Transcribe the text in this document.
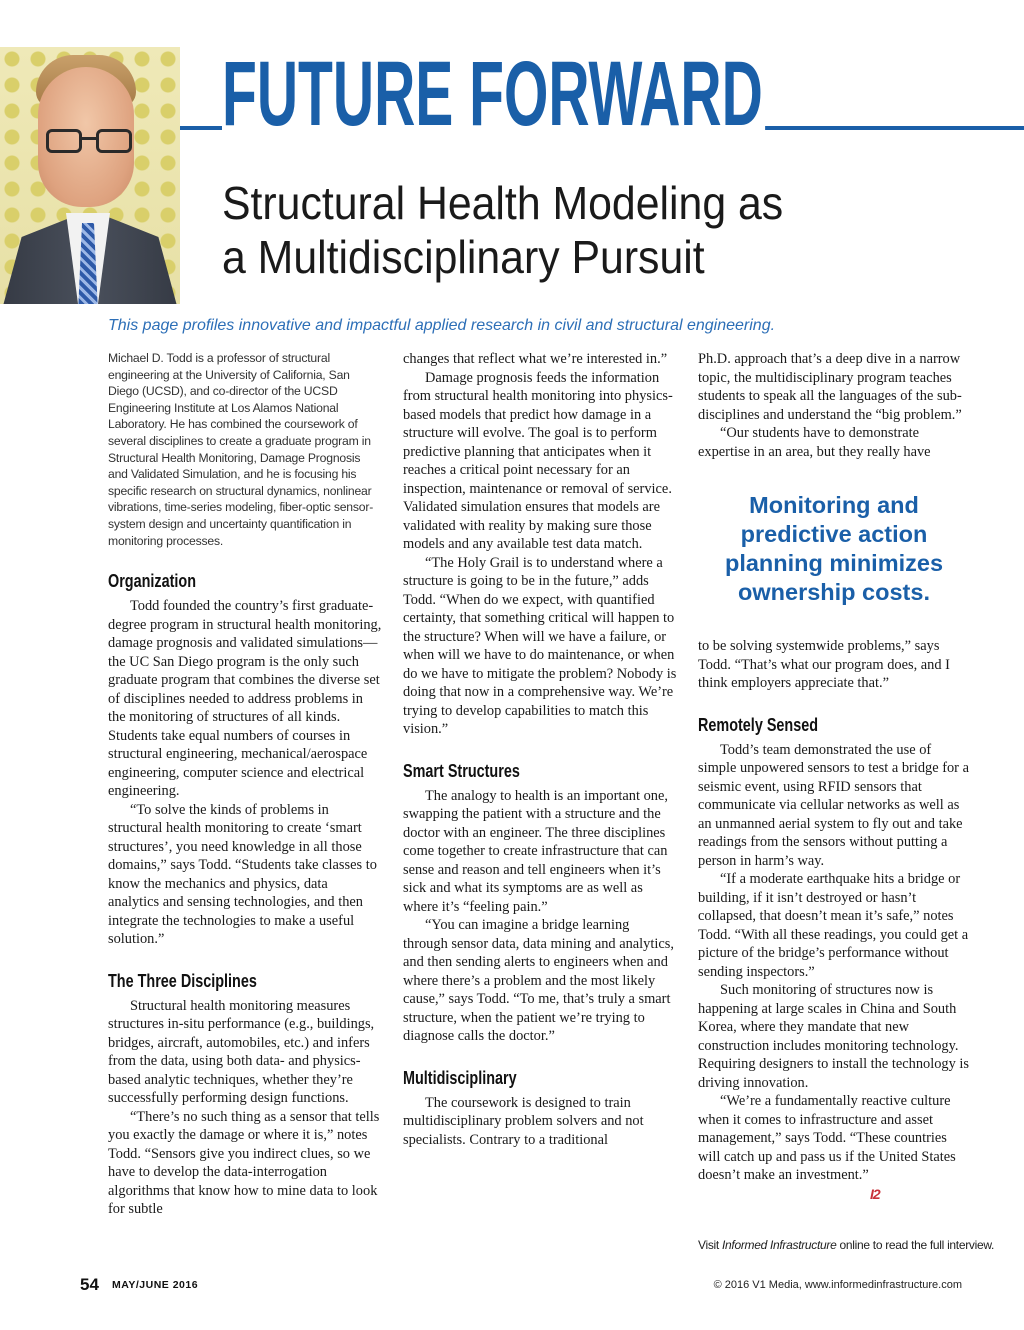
FUTURE FORWARD
Structural Health Modeling as
a Multidisciplinary Pursuit
This page profiles innovative and impactful applied research in civil and structural engineering.

Michael D. Todd is a professor of structural engineering at the University of California, San Diego (UCSD), and co-director of the UCSD Engineering Institute at Los Alamos National Laboratory. He has combined the coursework of several disciplines to create a graduate program in Structural Health Monitoring, Damage Prognosis and Validated Simulation, and he is focusing his specific research on structural dynamics, nonlinear vibrations, time-series modeling, fiber-optic sensor-system design and uncertainty quantification in monitoring processes.

Organization

Todd founded the country’s first graduate-degree program in structural health monitoring, damage prognosis and validated simulations—the UC San Diego program is the only such graduate program that combines the diverse set of disciplines needed to address problems in the monitoring of structures of all kinds. Students take equal numbers of courses in structural engineering, mechanical/aerospace engineering, computer science and electrical engineering.

“To solve the kinds of problems in structural health monitoring to create ‘smart structures’, you need knowledge in all those domains,” says Todd. “Students take classes to know the mechanics and physics, data analytics and sensing technologies, and then integrate the technologies to make a useful solution.”

The Three Disciplines

Structural health monitoring measures structures in-situ performance (e.g., buildings, bridges, aircraft, automobiles, etc.) and infers from the data, using both data- and physics-based analytic techniques, whether they’re successfully performing design functions.

“There’s no such thing as a sensor that tells you exactly the damage or where it is,” notes Todd. “Sensors give you indirect clues, so we have to develop the data-interrogation algorithms that know how to mine data to look for subtle

changes that reflect what we’re interested in.”

Damage prognosis feeds the information from structural health monitoring into physics-based models that predict how damage in a structure will evolve. The goal is to perform predictive planning that anticipates when it reaches a critical point necessary for an inspection, maintenance or removal of service. Validated simulation ensures that models are validated with reality by making sure those models and any available test data match.

“The Holy Grail is to understand where a structure is going to be in the future,” adds Todd. “When do we expect, with quantified certainty, that something critical will happen to the structure? When will we have a failure, or when will we have to do maintenance, or when do we have to mitigate the problem? Nobody is doing that now in a comprehensive way. We’re trying to develop capabilities to match this vision.”

Smart Structures

The analogy to health is an important one, swapping the patient with a structure and the doctor with an engineer. The three disciplines come together to create infrastructure that can sense and reason and tell engineers when it’s sick and what its symptoms are as well as where it’s “feeling pain.”

“You can imagine a bridge learning through sensor data, data mining and analytics, and then sending alerts to engineers when and where there’s a problem and the most likely cause,” says Todd. “To me, that’s truly a smart structure, when the patient we’re trying to diagnose calls the doctor.”

Multidisciplinary

The coursework is designed to train multidisciplinary problem solvers and not specialists. Contrary to a traditional

Ph.D. approach that’s a deep dive in a narrow topic, the multidisciplinary program teaches students to speak all the languages of the sub-disciplines and understand the “big problem.”

“Our students have to demonstrate expertise in an area, but they really have

Monitoring and predictive action planning minimizes ownership costs.

to be solving systemwide problems,” says Todd. “That’s what our program does, and I think employers appreciate that.”

Remotely Sensed

Todd’s team demonstrated the use of simple unpowered sensors to test a bridge for a seismic event, using RFID sensors that communicate via cellular networks as well as an unmanned aerial system to fly out and take readings from the sensors without putting a person in harm’s way.

“If a moderate earthquake hits a bridge or building, if it isn’t destroyed or hasn’t collapsed, that doesn’t mean it’s safe,” notes Todd. “With all these readings, you could get a picture of the bridge’s performance without sending inspectors.”

Such monitoring of structures now is happening at large scales in China and South Korea, where they mandate that new construction includes monitoring technology. Requiring designers to install the technology is driving innovation.

“We’re a fundamentally reactive culture when it comes to infrastructure and asset management,” says Todd. “These countries will catch up and pass us if the United States doesn’t make an investment.”I2

Visit Informed Infrastructure online to read the full interview.
54 MAY/JUNE 2016	© 2016 V1 Media, www.informedinfrastructure.com
